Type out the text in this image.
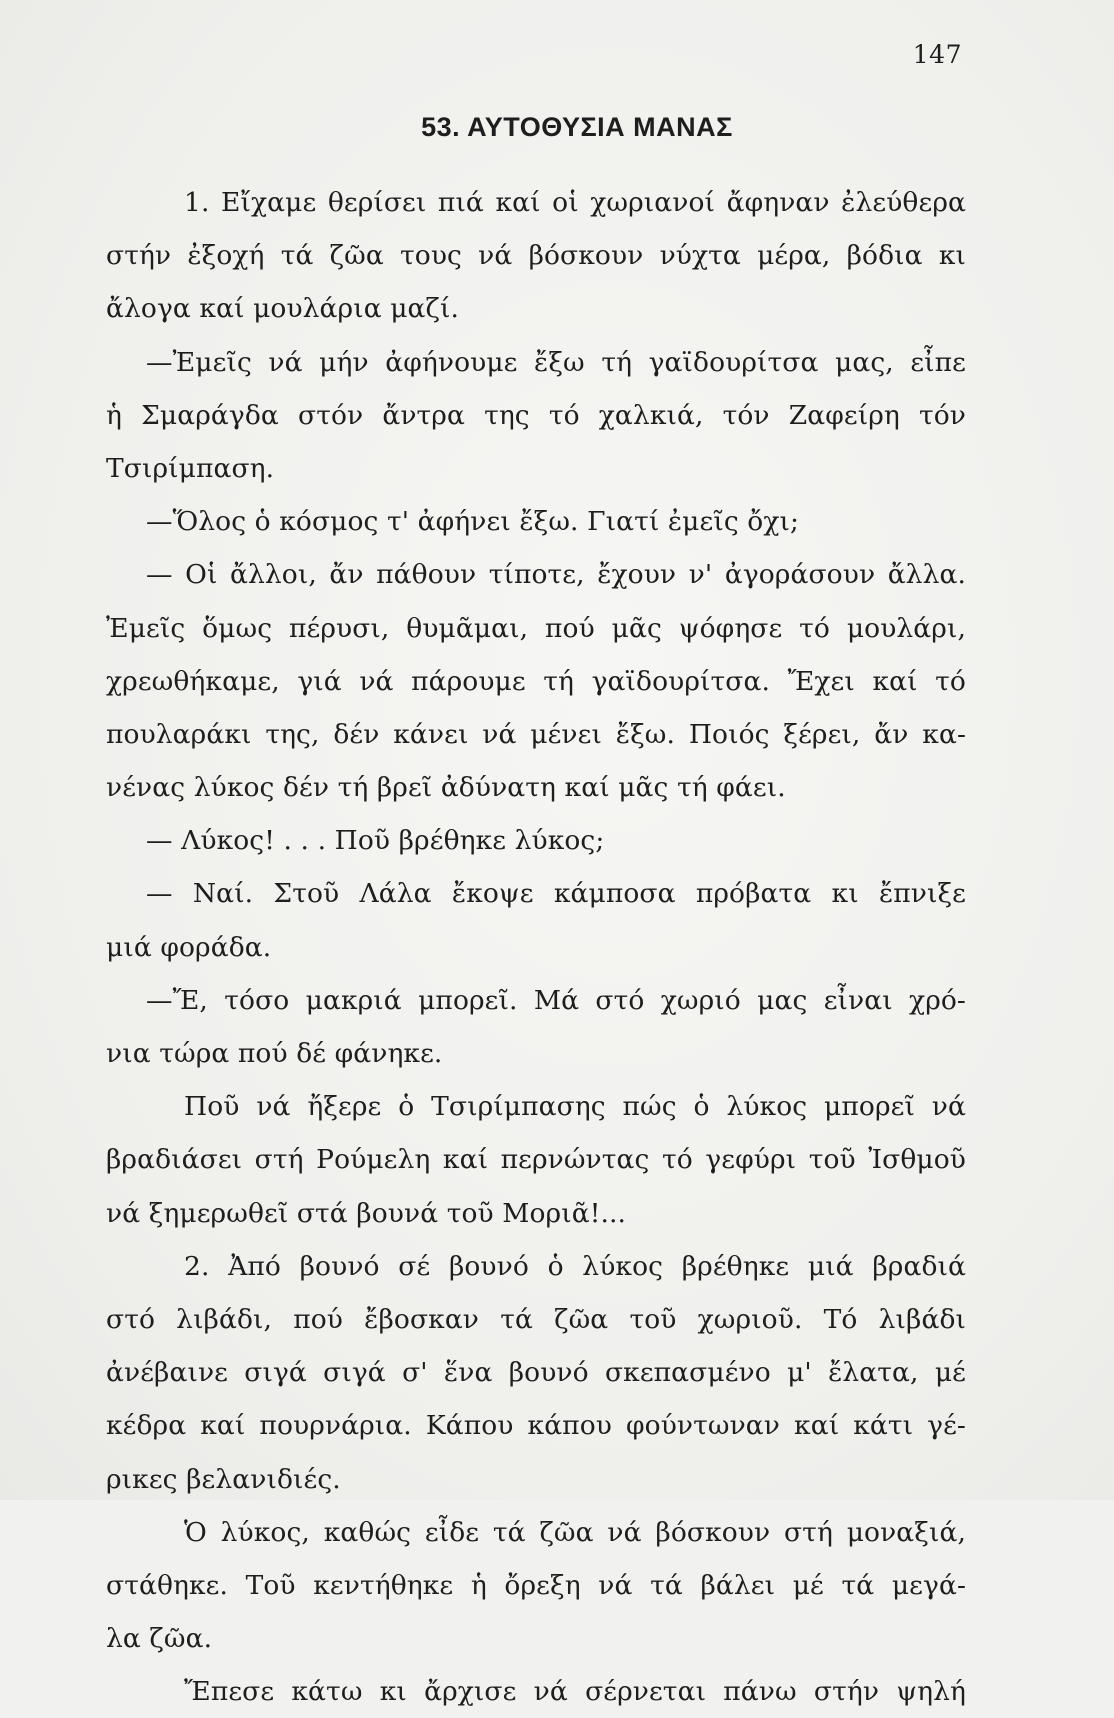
147
53. ΑΥΤΟΘΥΣΙΑ ΜΑΝΑΣ
1. Εἴχαμε θερίσει πιά καί οἱ χωριανοί ἄφηναν ἐλεύθερα
στήν ἐξοχή τά ζῶα τους νά βόσκουν νύχτα μέρα, βόδια κι
ἄλογα καί μουλάρια μαζί.
—Ἐμεῖς νά μήν ἀφήνουμε ἔξω τή γαϊδουρίτσα μας, εἶπε
ἡ Σμαράγδα στόν ἄντρα της τό χαλκιά, τόν Ζαφείρη τόν
Τσιρίμπαση.
—Ὅλος ὁ κόσμος τ' ἀφήνει ἔξω. Γιατί ἐμεῖς ὄχι;
— Οἱ ἄλλοι, ἄν πάθουν τίποτε, ἔχουν ν' ἀγοράσουν ἄλλα.
Ἐμεῖς ὅμως πέρυσι, θυμᾶμαι, πού μᾶς ψόφησε τό μουλάρι,
χρεωθήκαμε, γιά νά πάρουμε τή γαϊδουρίτσα. Ἔχει καί τό
πουλαράκι της, δέν κάνει νά μένει ἔξω. Ποιός ξέρει, ἄν κα-
νένας λύκος δέν τή βρεῖ ἀδύνατη καί μᾶς τή φάει.
— Λύκος! . . . Ποῦ βρέθηκε λύκος;
— Ναί. Στοῦ Λάλα ἔκοψε κάμποσα πρόβατα κι ἔπνιξε
μιά φοράδα.
—Ἔ, τόσο μακριά μπορεῖ. Μά στό χωριό μας εἶναι χρό-
νια τώρα πού δέ φάνηκε.
Ποῦ νά ἤξερε ὁ Τσιρίμπασης πώς ὁ λύκος μπορεῖ νά
βραδιάσει στή Ρούμελη καί περνώντας τό γεφύρι τοῦ Ἰσθμοῦ
νά ξημερωθεῖ στά βουνά τοῦ Μοριᾶ!...
2. Ἀπό βουνό σέ βουνό ὁ λύκος βρέθηκε μιά βραδιά
στό λιβάδι, πού ἔβοσκαν τά ζῶα τοῦ χωριοῦ. Τό λιβάδι
ἀνέβαινε σιγά σιγά σ' ἕνα βουνό σκεπασμένο μ' ἔλατα, μέ
κέδρα καί πουρνάρια. Κάπου κάπου φούντωναν καί κάτι γέ-
ρικες βελανιδιές.
Ὁ λύκος, καθώς εἶδε τά ζῶα νά βόσκουν στή μοναξιά,
στάθηκε. Τοῦ κεντήθηκε ἡ ὄρεξη νά τά βάλει μέ τά μεγά-
λα ζῶα.
Ἔπεσε κάτω κι ἄρχισε νά σέρνεται πάνω στήν ψηλή
